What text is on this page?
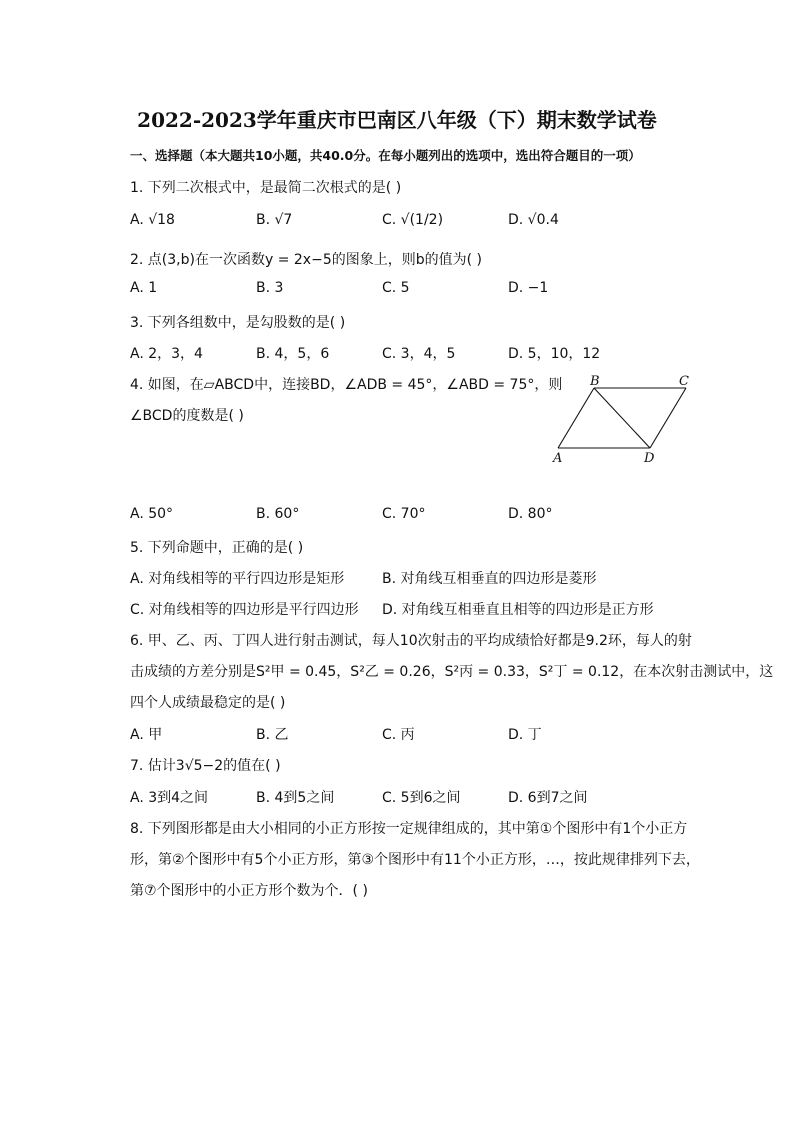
2022-2023学年重庆市巴南区八年级（下）期末数学试卷
一、选择题（本大题共10小题，共40.0分。在每小题列出的选项中，选出符合题目的一项）
1. 下列二次根式中，是最简二次根式的是( )
A. √18	B. √7	C. √(1/2)	D. √0.4
2. 点(3,b)在一次函数y = 2x−5的图象上，则b的值为( )
A. 1	B. 3	C. 5	D. −1
3. 下列各组数中，是勾股数的是( )
A. 2，3，4	B. 4，5，6	C. 3，4，5	D. 5，10，12
4. 如图，在▱ABCD中，连接BD，∠ADB = 45°，∠ABD = 75°，则
∠BCD的度数是( )
B	C
A	D
A. 50°	B. 60°	C. 70°	D. 80°
5. 下列命题中，正确的是( )
A. 对角线相等的平行四边形是矩形	B. 对角线互相垂直的四边形是菱形
C. 对角线相等的四边形是平行四边形 D. 对角线互相垂直且相等的四边形是正方形
6. 甲、乙、丙、丁四人进行射击测试，每人10次射击的平均成绩恰好都是9.2环，每人的射
击成绩的方差分别是S²甲 = 0.45，S²乙 = 0.26，S²丙 = 0.33，S²丁 = 0.12，在本次射击测试中，这
四个人成绩最稳定的是( )
A. 甲	B. 乙	C. 丙	D. 丁
7. 估计3√5−2的值在( )
A. 3到4之间	B. 4到5之间	C. 5到6之间	D. 6到7之间
8. 下列图形都是由大小相同的小正方形按一定规律组成的，其中第①个图形中有1个小正方
形，第②个图形中有5个小正方形，第③个图形中有11个小正方形，…，按此规律排列下去，
第⑦个图形中的小正方形个数为个．( )
